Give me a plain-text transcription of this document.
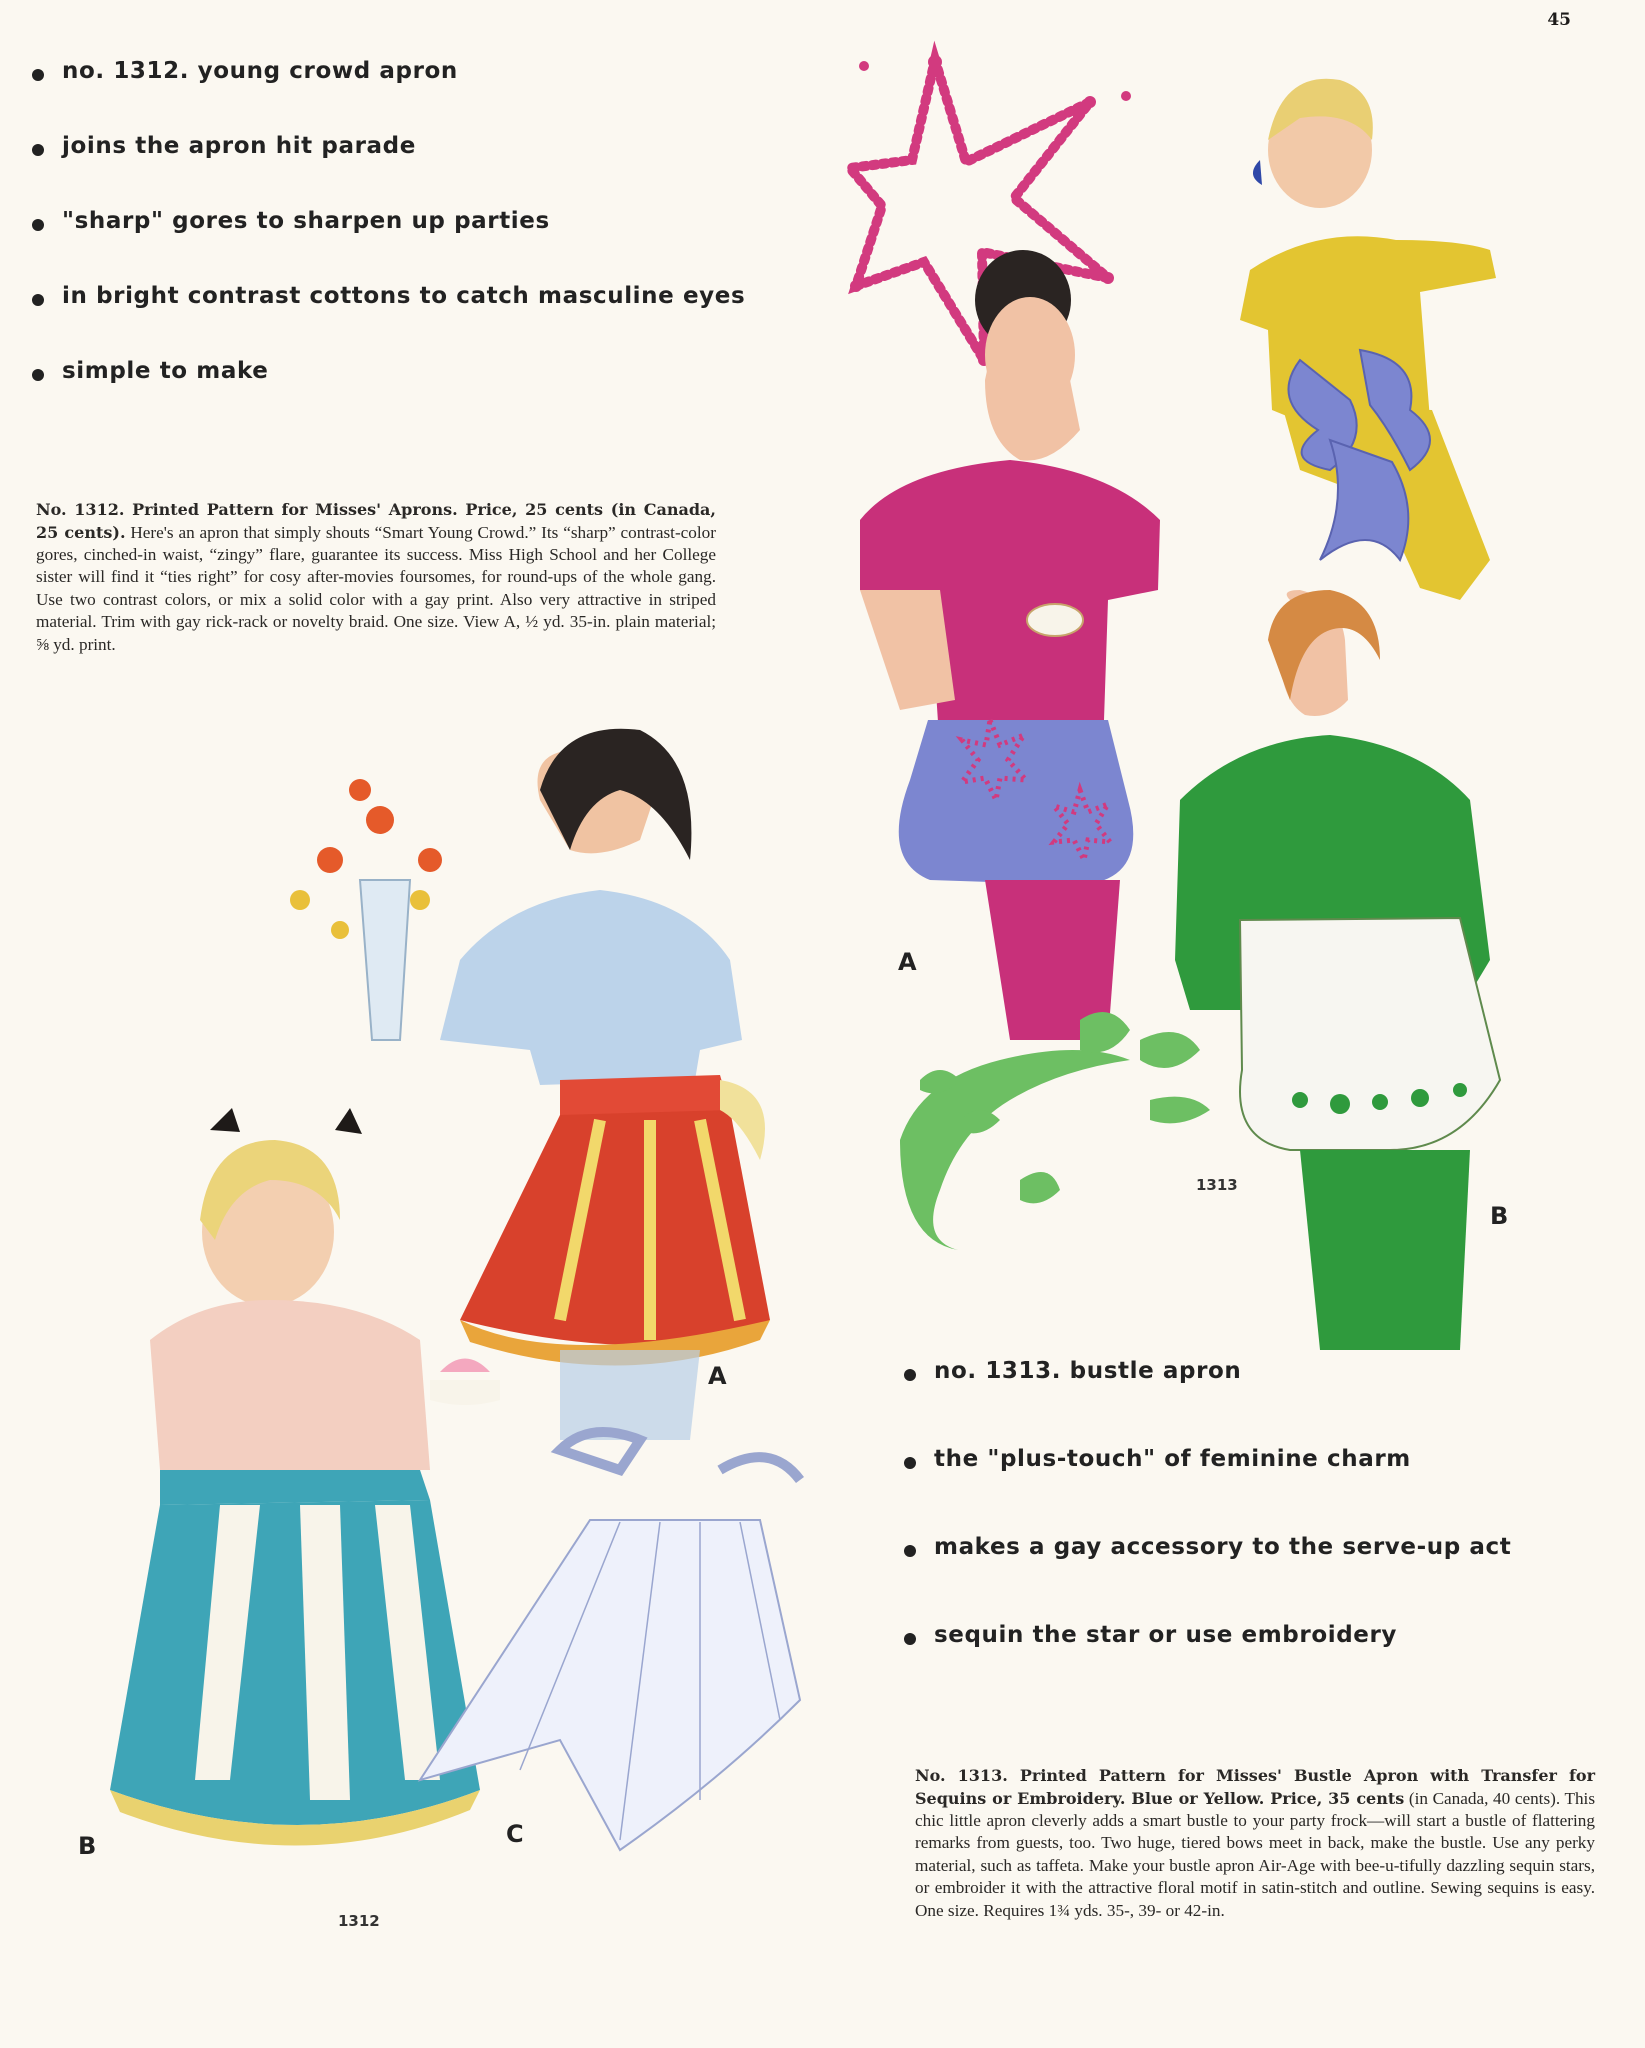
45
A
B
1313
A
B	C
1312
no. 1312. young crowd apron
joins the apron hit parade
"sharp" gores to sharpen up parties
in bright contrast cottons to catch masculine eyes
simple to make

No. 1312. Printed Pattern for Misses' Aprons. Price, 25 cents (in Canada, 25 cents). Here's an apron that simply shouts “Smart Young Crowd.” Its “sharp” contrast-color gores, cinched-in waist, “zingy” flare, guarantee its success. Miss High School and her College sister will find it “ties right” for cosy after-movies foursomes, for round-ups of the whole gang. Use two contrast colors, or mix a solid color with a gay print. Also very attractive in striped material. Trim with gay rick-rack or novelty braid. One size. View A, ½ yd. 35-in. plain material; ⅝ yd. print.

no. 1313. bustle apron
the "plus-touch" of feminine charm
makes a gay accessory to the serve-up act
sequin the star or use embroidery

No. 1313. Printed Pattern for Misses' Bustle Apron with Transfer for Sequins or Embroidery. Blue or Yellow. Price, 35 cents (in Canada, 40 cents). This chic little apron cleverly adds a smart bustle to your party frock—will start a bustle of flattering remarks from guests, too. Two huge, tiered bows meet in back, make the bustle. Use any perky material, such as taffeta. Make your bustle apron Air-Age with bee-u-tifully dazzling sequin stars, or embroider it with the attractive floral motif in satin-stitch and outline. Sewing sequins is easy. One size. Requires 1¾ yds. 35-, 39- or 42-in.
